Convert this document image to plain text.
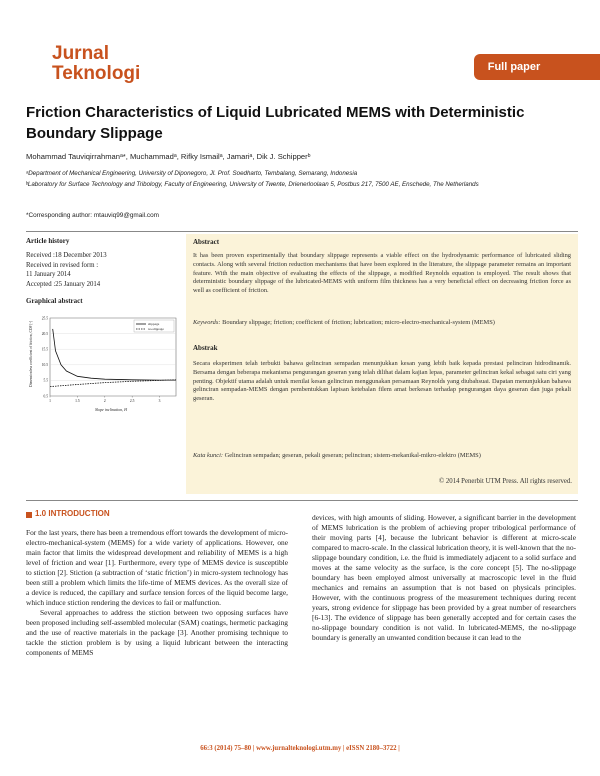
Jurnal
Teknologi	Full paper
Friction Characteristics of Liquid Lubricated MEMS with Deterministic Boundary Slippage
Mohammad Tauviqirrahmanᵃ*, Muchammadᵃ, Rifky Ismailᵃ, Jamariᵃ, Dik J. Schipperᵇ
ᵃDepartment of Mechanical Engineering, University of Diponegoro, Jl. Prof. Soedharto, Tembalang, Semarang, Indonesia
ᵇLaboratory for Surface Technology and Tribology, Faculty of Engineering, University of Twente, Drienerloolaan 5, Postbus 217, 7500 AE, Enschede, The Netherlands
*Corresponding author: mtauviq99@gmail.com
Article history
Received :18 December 2013
Received in revised form :
11 January 2014
Accepted :25 January 2014
Graphical abstract
Dimensionless coefficient of friction, COF [-]
Slope inclination, H
25.5
20.5
15.5
10.5
5.5
0.5
1	1.5	2	2.5	3
slippage
no-slippage
Abstract
It has been proven experimentally that boundary slippage represents a viable effect on the hydrodynamic performance of lubricated sliding contacts. Along with several friction reduction mechanisms that have been explored in the literature, the slippage parameter remains an important feature. With the main objective of evaluating the effects of the slippage, a modified Reynolds equation is employed. The result shows that deterministic boundary slippage of the lubricated-MEMS with uniform film thickness has a very beneficial effect on decreasing friction force as well as coefficient of friction.
Keywords: Boundary slippage; friction; coefficient of friction; lubrication; micro-electro-mechanical-system (MEMS)
Abstrak
Secara eksperimen telah terbukti bahawa gelinciran sempadan menunjukkan kesan yang lebih baik kepada prestasi pelinciran hidrodinamik. Bersama dengan beberapa mekanisma pengurangan geseran yang telah dilihat dalam kajian lepas, parameter gelinciran kekal sebagai satu ciri yang penting. Objektif utama adalah untuk menilai kesan gelinciran menggunakan persamaan Reynolds yang diubahsuai. Dapatan menunjukkan bahawa gelinciran sempadan-MEMS dengan pembentukkan lapisan ketebalan filem amat berkesan terhadap pengurangan daya geseran dan juga pekali geseran.
Kata kunci: Gelinciran sempadan; geseran, pekali geseran; pelinciran; sistem-mekanikal-mikro-elektro (MEMS)
© 2014 Penerbit UTM Press. All rights reserved.
1.0 INTRODUCTION

For the last years, there has been a tremendous effort towards the development of micro-electro-mechanical-system (MEMS) for a wide variety of applications. However, one main factor that limits the widespread development and reliability of MEMS is a high level of friction and wear [1]. Furthermore, every type of MEMS device is susceptible to stiction [2]. Stiction (a subtraction of ‘static friction’) in micro-system technology has been still a problem which limits the life-time of MEMS devices. As the overall size of a device is reduced, the capillary and surface tension forces of the liquid become large, which induce stiction rendering the devices to fail or malfunction.

Several approaches to address the stiction between two opposing surfaces have been proposed including self-assembled molecular (SAM) coatings, hermetic packaging and the use of reactive materials in the package [3]. Another promising technique to tackle the stiction problem is by using a liquid lubricant between the interacting components of MEMS

devices, with high amounts of sliding. However, a significant barrier in the development of MEMS lubrication is the problem of achieving proper tribological performance of their moving parts [4], because the lubricant behavior is different at micro-scale compared to macro-scale. In the classical lubrication theory, it is well-known that the no-slippage boundary condition, i.e. the fluid is immediately adjacent to a solid surface and moves at the same velocity as the surface, is the core concept [5]. The no-slippage boundary has been employed almost universally at macroscopic level in the fluid mechanics and remains an assumption that is not based on physicals principles. However, with the continuous progress of the measurement techniques during recent years, strong evidence for slippage has been provided by a great number of researchers [6-13]. The evidence of slippage has been generally accepted and for certain cases the no-slippage boundary condition is not valid. In lubricated-MEMS, the no-slippage boundary is generally an unwanted condition because it can lead to the

66:3 (2014) 75–80 | www.jurnalteknologi.utm.my | eISSN 2180–3722 |
